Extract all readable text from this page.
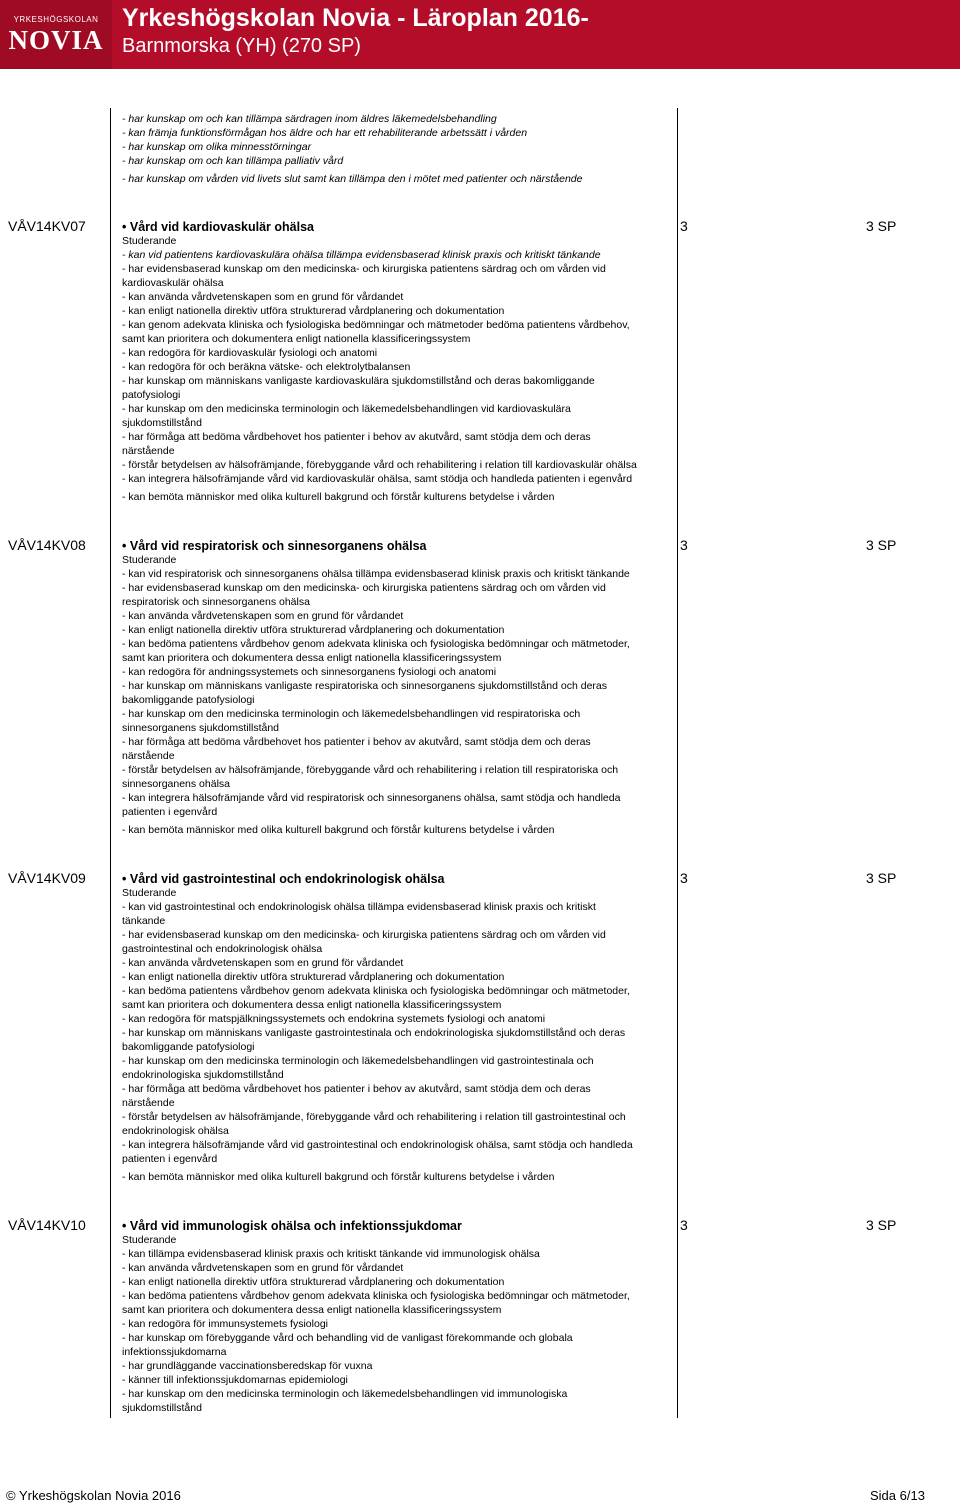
YRKESHÖGSKOLAN
NOVIA
Yrkeshögskolan Novia - Läroplan 2016-
Barnmorska (YH) (270 SP)
- har kunskap om och kan tillämpa särdragen inom äldres läkemedelsbehandling
- kan främja funktionsförmågan hos äldre och har ett rehabiliterande arbetssätt i vården
- har kunskap om olika minnesstörningar
- har kunskap om och kan tillämpa palliativ vård
- har kunskap om vården vid livets slut samt kan tillämpa den i mötet med patienter och närstående
VÅV14KV07	• Vård vid kardiovaskulär ohälsa	3	3 SP
Studerande
- kan vid patientens kardiovaskulära ohälsa tillämpa evidensbaserad klinisk praxis och kritiskt tänkande
- har evidensbaserad kunskap om den medicinska- och kirurgiska patientens särdrag och om vården vid
kardiovaskulär ohälsa
- kan använda vårdvetenskapen som en grund för vårdandet
- kan enligt nationella direktiv utföra strukturerad vårdplanering och dokumentation
- kan genom adekvata kliniska och fysiologiska bedömningar och mätmetoder bedöma patientens vårdbehov,
samt kan prioritera och dokumentera enligt nationella klassificeringssystem
- kan redogöra för kardiovaskulär fysiologi och anatomi
- kan redogöra för och beräkna vätske- och elektrolytbalansen
- har kunskap om människans vanligaste kardiovaskulära sjukdomstillstånd och deras bakomliggande
patofysiologi
- har kunskap om den medicinska terminologin och läkemedelsbehandlingen vid kardiovaskulära
sjukdomstillstånd
- har förmåga att bedöma vårdbehovet hos patienter i behov av akutvård, samt stödja dem och deras
närstående
- förstår betydelsen av hälsofrämjande, förebyggande vård och rehabilitering i relation till kardiovaskulär ohälsa
- kan integrera hälsofrämjande vård vid kardiovaskulär ohälsa, samt stödja och handleda patienten i egenvård
- kan bemöta människor med olika kulturell bakgrund och förstår kulturens betydelse i vården
VÅV14KV08	• Vård vid respiratorisk och sinnesorganens ohälsa	3	3 SP
Studerande
- kan vid respiratorisk och sinnesorganens ohälsa tillämpa evidensbaserad klinisk praxis och kritiskt tänkande
- har evidensbaserad kunskap om den medicinska- och kirurgiska patientens särdrag och om vården vid
respiratorisk och sinnesorganens ohälsa
- kan använda vårdvetenskapen som en grund för vårdandet
- kan enligt nationella direktiv utföra strukturerad vårdplanering och dokumentation
- kan bedöma patientens vårdbehov genom adekvata kliniska och fysiologiska bedömningar och mätmetoder,
samt kan prioritera och dokumentera dessa enligt nationella klassificeringssystem
- kan redogöra för andningssystemets och sinnesorganens fysiologi och anatomi
- har kunskap om människans vanligaste respiratoriska och sinnesorganens sjukdomstillstånd och deras
bakomliggande patofysiologi
- har kunskap om den medicinska terminologin och läkemedelsbehandlingen vid respiratoriska och
sinnesorganens sjukdomstillstånd
- har förmåga att bedöma vårdbehovet hos patienter i behov av akutvård, samt stödja dem och deras
närstående
- förstår betydelsen av hälsofrämjande, förebyggande vård och rehabilitering i relation till respiratoriska och
sinnesorganens ohälsa
- kan integrera hälsofrämjande vård vid respiratorisk och sinnesorganens ohälsa, samt stödja och handleda
patienten i egenvård
- kan bemöta människor med olika kulturell bakgrund och förstår kulturens betydelse i vården
VÅV14KV09	• Vård vid gastrointestinal och endokrinologisk ohälsa	3	3 SP
Studerande
- kan vid gastrointestinal och endokrinologisk ohälsa tillämpa evidensbaserad klinisk praxis och kritiskt
tänkande
- har evidensbaserad kunskap om den medicinska- och kirurgiska patientens särdrag och om vården vid
gastrointestinal och endokrinologisk ohälsa
- kan använda vårdvetenskapen som en grund för vårdandet
- kan enligt nationella direktiv utföra strukturerad vårdplanering och dokumentation
- kan bedöma patientens vårdbehov genom adekvata kliniska och fysiologiska bedömningar och mätmetoder,
samt kan prioritera och dokumentera dessa enligt nationella klassificeringssystem
- kan redogöra för matspjälkningssystemets och endokrina systemets fysiologi och anatomi
- har kunskap om människans vanligaste gastrointestinala och endokrinologiska sjukdomstillstånd och deras
bakomliggande patofysiologi
- har kunskap om den medicinska terminologin och läkemedelsbehandlingen vid gastrointestinala och
endokrinologiska sjukdomstillstånd
- har förmåga att bedöma vårdbehovet hos patienter i behov av akutvård, samt stödja dem och deras
närstående
- förstår betydelsen av hälsofrämjande, förebyggande vård och rehabilitering i relation till gastrointestinal och
endokrinologisk ohälsa
- kan integrera hälsofrämjande vård vid gastrointestinal och endokrinologisk ohälsa, samt stödja och handleda
patienten i egenvård
- kan bemöta människor med olika kulturell bakgrund och förstår kulturens betydelse i vården
VÅV14KV10	• Vård vid immunologisk ohälsa och infektionssjukdomar	3	3 SP
Studerande
- kan tillämpa evidensbaserad klinisk praxis och kritiskt tänkande vid immunologisk ohälsa
- kan använda vårdvetenskapen som en grund för vårdandet
- kan enligt nationella direktiv utföra strukturerad vårdplanering och dokumentation
- kan bedöma patientens vårdbehov genom adekvata kliniska och fysiologiska bedömningar och mätmetoder,
samt kan prioritera och dokumentera dessa enligt nationella klassificeringssystem
- kan redogöra för immunsystemets fysiologi
- har kunskap om förebyggande vård och behandling vid de vanligast förekommande och globala
infektionssjukdomarna
- har grundläggande vaccinationsberedskap för vuxna
- känner till infektionssjukdomarnas epidemiologi
- har kunskap om den medicinska terminologin och läkemedelsbehandlingen vid immunologiska
sjukdomstillstånd
© Yrkeshögskolan Novia 2016	Sida 6/13
